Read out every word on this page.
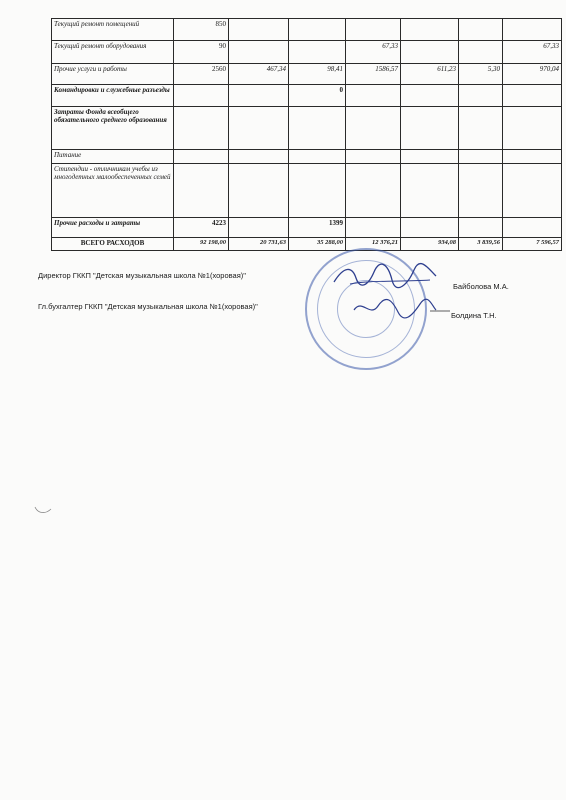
Текущий ремонт помещений	850						
Текущий ремонт оборудования	90			67,33			67,33
Прочие услуги и работы	2560	467,34	98,41	1586,57	611,23	5,30	970,04
Командировки и служебные разъезды			0				
Затраты Фонда всеобщего обязательного среднего образования							
Питание							
Стипендии - отличникам учебы из многодетных малообеспеченных семей							
Прочие расходы и затраты	4223		1399				
ВСЕГО РАСХОДОВ	92 198,00	20 731,63	35 288,00	12 376,21	934,08	3 839,56	7 596,57
Директор ГККП "Детская музыкальная школа №1(хоровая)"
Байболова М.А.
Гл.бухгалтер ГККП "Детская музыкальная школа №1(хоровая)"
Болдина Т.Н.
